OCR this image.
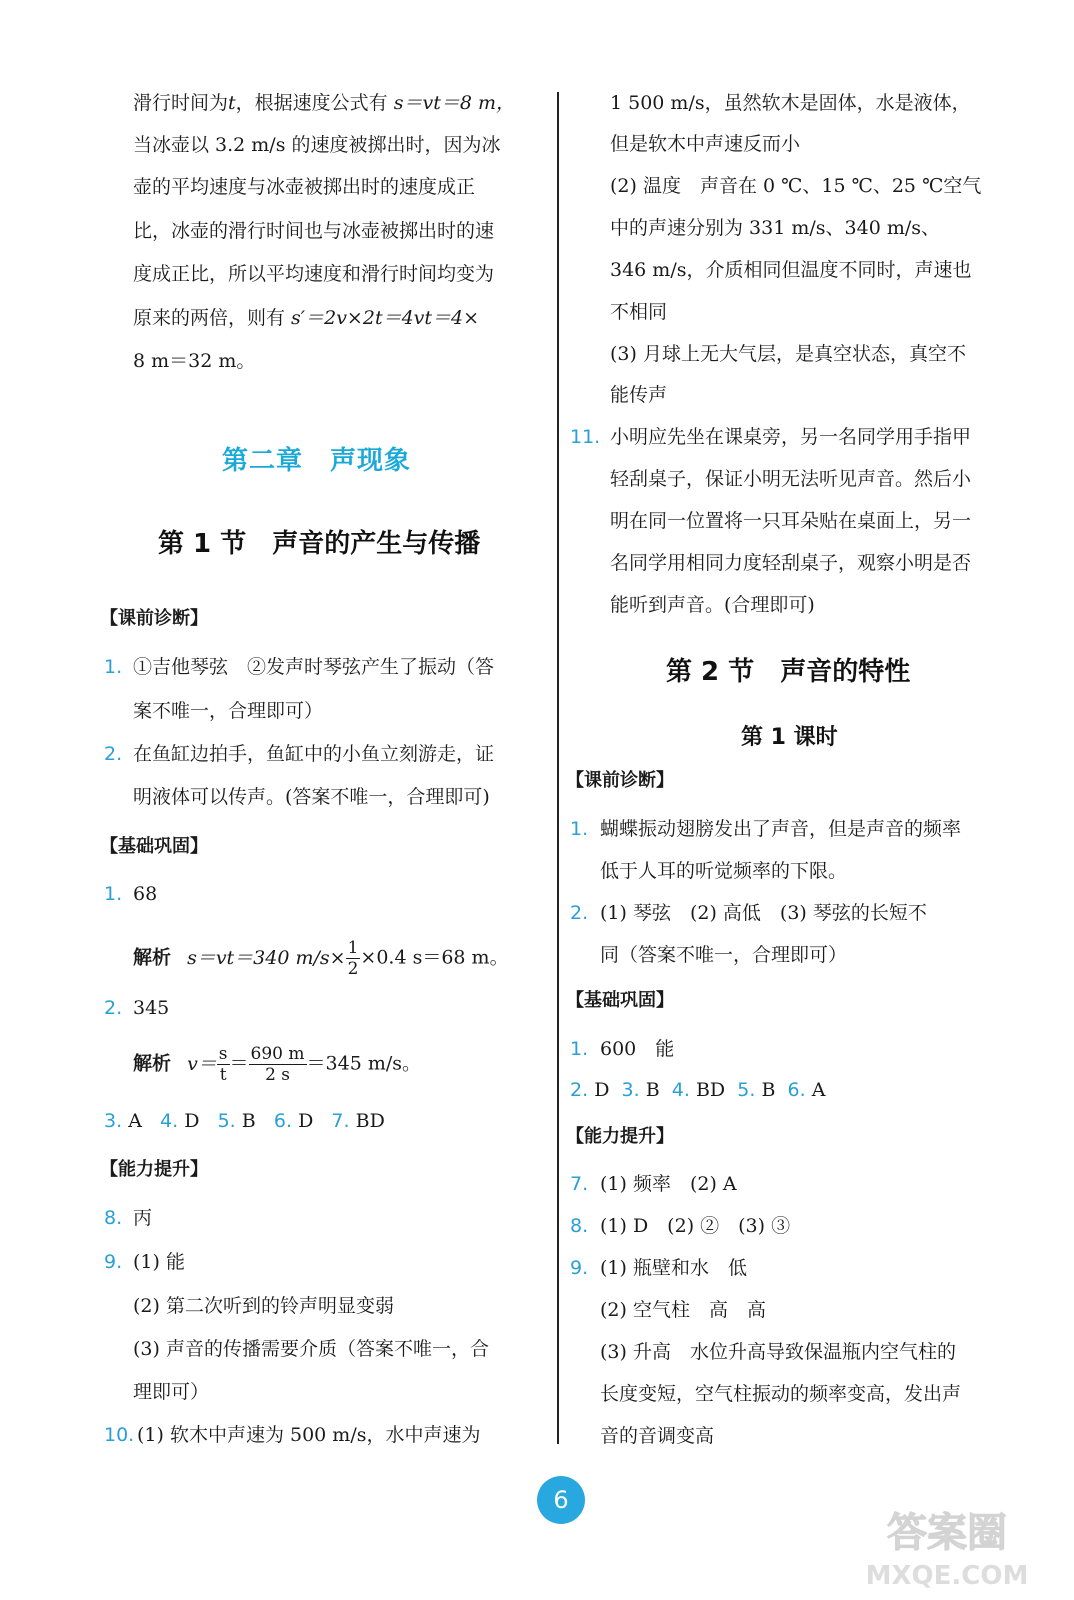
滑行时间为t，根据速度公式有 s＝vt＝8 m，
当冰壶以 3.2 m/s 的速度被掷出时，因为冰
壶的平均速度与冰壶被掷出时的速度成正
比，冰壶的滑行时间也与冰壶被掷出时的速
度成正比，所以平均速度和滑行时间均变为
原来的两倍，则有 s′＝2v×2t＝4vt＝4×
8 m＝32 m。
第二章　声现象
第 1 节　声音的产生与传播
【课前诊断】
1. ①吉他琴弦　②发声时琴弦产生了振动（答
案不唯一，合理即可）
2. 在鱼缸边拍手，鱼缸中的小鱼立刻游走，证
明液体可以传声。(答案不唯一，合理即可)
【基础巩固】
1. 68
解析 s＝vt＝340 $m/s\times \frac{1}{2} \times 0.4$ s＝68 m。
2. 345
解析 $v= \frac{s}{t} = \frac{690 m}{2 s} =345$ m/s。
3. A 4. D 5. B 6. D 7. BD
【能力提升】
8. 丙
9. (1) 能
(2) 第二次听到的铃声明显变弱
(3) 声音的传播需要介质（答案不唯一，合
理即可）
10. (1) 软木中声速为 500 m/s，水中声速为
1 500 m/s，虽然软木是固体，水是液体，
但是软木中声速反而小
(2) 温度　声音在 0 ℃、15 ℃、25 ℃空气
中的声速分别为 331 m/s、340 m/s、
346 m/s，介质相同但温度不同时，声速也
不相同
(3) 月球上无大气层，是真空状态，真空不
能传声
11. 小明应先坐在课桌旁，另一名同学用手指甲
轻刮桌子，保证小明无法听见声音。然后小
明在同一位置将一只耳朵贴在桌面上，另一
名同学用相同力度轻刮桌子，观察小明是否
能听到声音。(合理即可)
第 2 节　声音的特性
第 1 课时
【课前诊断】
1. 蝴蝶振动翅膀发出了声音，但是声音的频率
低于人耳的听觉频率的下限。
2. (1) 琴弦　(2) 高低　(3) 琴弦的长短不
同（答案不唯一，合理即可）
【基础巩固】
1. 600　能
2. D 3. B 4. BD 5. B 6. A
【能力提升】
7. (1) 频率　(2) A
8. (1) D　(2) ②　(3) ③
9. (1) 瓶壁和水　低
(2) 空气柱　高　高
(3) 升高　水位升高导致保温瓶内空气柱的
长度变短，空气柱振动的频率变高，发出声
音的音调变高
6
答案圈
MXQE.COM
